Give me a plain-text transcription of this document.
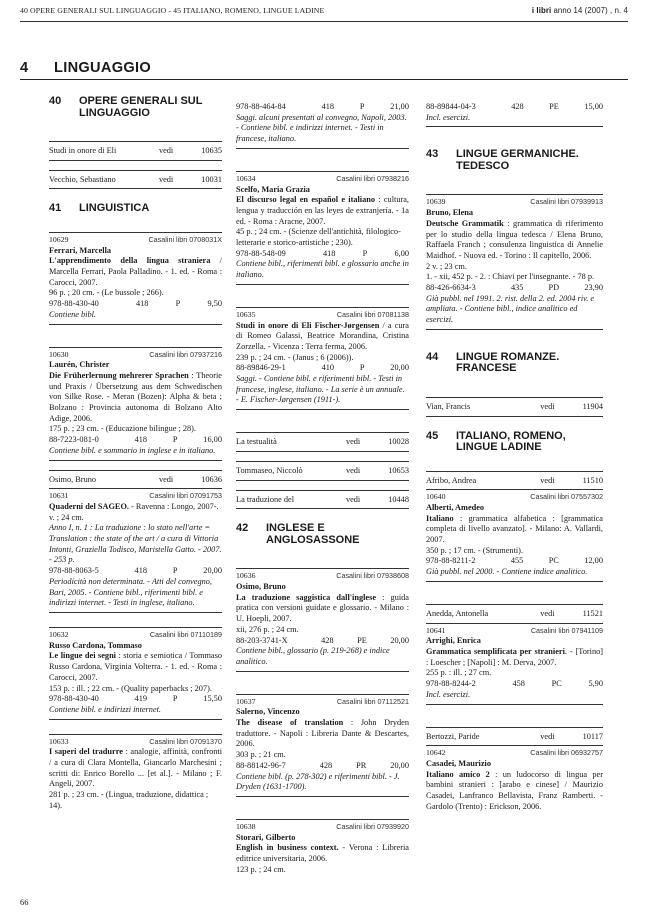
40 OPERE GENERALI SUL LINGUAGGIO - 45 ITALIANO, ROMENO, LINGUE LADINE	i libri anno 14 (2007) , n. 4
4 LINGUAGGIO
40	OPERE GENERALI SUL LINGUAGGIO
Studi in onore di Eli	vedi	10635
Vecchio, Sebastiano	vedi	10031
41	LINGUISTICA
10629	Casalini libri 0708031X
Ferrari, Marcella
L'apprendimento della lingua straniera / Marcella Ferrari, Paola Palladino. - 1. ed. - Roma : Carocci, 2007.
96 p. ; 20 cm. - (Le bussole ; 266).
978-88-430-40	418	P	9,50
Contiene bibl.
10630	Casalini libri 07937216
Laurén, Christer
Die Früherlernung mehrerer Sprachen : Theorie und Praxis / Übersetzung aus dem Schwedischen von Silke Rose. - Meran (Bozen): Alpha & beta ; Bolzano : Provincia autonoma di Bolzano Alto Adige, 2006.
175 p. ; 23 cm. - (Educazione bilingue ; 28).
88-7223-081-0	418	P	16,00
Contiene bibl. e sommario in inglese e in italiano.
Osimo, Bruno	vedi	10636
10631	Casalini libri 07091753
Quaderni del SAGEO. - Ravenna : Longo, 2007-.
v. ; 24 cm.
Anno I, n. 1 : La traduzione : lo stato nell'arte = Translation : the state of the art / a cura di Vittoria Intonti, Graziella Todisco, Maristella Gatto. - 2007. - 253 p.
978-88-8063-5	418	P	20,00
Periodicità non determinata. - Atti del convegno, Bari, 2005. - Contiene bibl., riferimenti bibl. e indirizzi internet. - Testi in inglese, italiano.
10632	Casalini libri 07110189
Russo Cardona, Tommaso
Le lingue dei segni : storia e semiotica / Tommaso Russo Cardona, Virginia Volterra. - 1. ed. - Roma : Carocci, 2007.
153 p. : ill. ; 22 cm. - (Quality paperbacks ; 207).
978-88-430-40	419	P	15,50
Contiene bibl. e indirizzi internet.
10633	Casalini libri 07091370
I saperi del tradurre : analogie, affinità, confronti / a cura di Clara Montella, Giancarlo Marchesini ; scritti di: Enrico Borello ... [et al.]. - Milano ; F. Angeli, 2007.
281 p. ; 23 cm. - (Lingua, traduzione, didattica ; 14).
978-88-464-84	418	P	21,00
Saggi. alcuni presentati al convegno, Napoli, 2003. - Contiene bibl. e indirizzi internet. - Testi in francese, italiano.
10634	Casalini libri 07938216
Scelfo, Maria Grazia
El discurso legal en español e italiano : cultura, lengua y traducción en las leyes de extranjería. - 1a ed. - Roma : Aracne, 2007.
45 p. ; 24 cm. - (Scienze dell'antichità, filologico-letterarie e storico-artistiche ; 230).
978-88-548-09	418	P	6,00
Contiene bibl., riferimenti bibl. e glossario anche in italiano.
10635	Casalini libri 07081138
Studi in onore di Eli Fischer-Jørgensen / a cura di Romeo Galassi, Beatrice Morandina, Cristina Zorzella. - Vicenza : Terra ferma, 2006.
239 p. ; 24 cm. - (Janus ; 6 (2006)).
88-89846-29-1	410	P	20,00
Saggi. - Contiene bibl. e riferimenti bibl. - Testi in francese, inglese, italiano. - La serie è un annuale. - E. Fischer-Jørgensen (1911-).
La testualità	vedi	10028
Tommaseo, Niccolò	vedi	10653
La traduzione del	vedi	10448
42	INGLESE E ANGLOSASSONE
10636	Casalini libri 07938608
Osimo, Bruno
La traduzione saggistica dall'inglese : guida pratica con versioni guidate e glossario. - Milano : U. Hoepli, 2007.
xii, 276 p. ; 24 cm.
88-203-3741-X	428	PE	20,00
Contiene bibl., glossario (p. 219-268) e indice analitico.
10637	Casalini libri 07112521
Salerno, Vincenzo
The disease of translation : John Dryden traduttore. - Napoli : Libreria Dante & Descartes, 2006.
303 p. ; 21 cm.
88-88142-96-7	428	PR	20,00
Contiene bibl. (p. 278-302) e riferimenti bibl. - J. Dryden (1631-1700).
10638	Casalini libri 07939920
Storari, Gilberto
English in business context. - Verona : Libreria editrice universitaria, 2006.
123 p. ; 24 cm.
88-89844-04-3	428	PE	15,00
Incl. esercizi.
43	LINGUE GERMANICHE. TEDESCO
10639	Casalini libri 07939913
Bruno, Elena
Deutsche Grammatik : grammatica di riferimento per lo studio della lingua tedesca / Elena Bruno, Raffaela Franch ; consulenza linguistica di Annelie Maidhof. - Nuova ed. - Torino : Il capitello, 2006.
2 v. ; 23 cm.
1. - xii, 452 p. - 2. : Chiavi per l'insegnante. - 78 p.
88-426-6634-3	435	PD	23,90
Già pubbl. nel 1991. 2. rist. della 2. ed. 2004 riv. e ampliata. - Contiene bibl., indice analitico ed esercizi.
44	LINGUE ROMANZE. FRANCESE
Vian, Francis	vedi	11904
45	ITALIANO, ROMENO, LINGUE LADINE
Afribo, Andrea	vedi	11510
10640	Casalini libri 07557302
Alberti, Amedeo
Italiano : grammatica alfabetica : [grammatica completa di livello avanzato]. - Milano: A. Vallardi, 2007.
350 p. ; 17 cm. - (Strumenti).
978-88-8211-2	455	PC	12,00
Già pubbl. nel 2000. - Contiene indice analitico.
Anedda, Antonella	vedi	11521
10641	Casalini libri 07941109
Arrighi, Enrica
Grammatica semplificata per stranieri. - [Torino] : Loescher ; [Napoli] : M. Derva, 2007.
255 p. : ill. ; 27 cm.
978-88-8244-2	458	PC	5,90
Incl. esercizi.
Bertozzi, Paride	vedi	10117
10642	Casalini libri 06932757
Casadei, Maurizio
Italiano amico 2 : un ludocorso di lingua per bambini stranieri : [arabo e cinese] / Maurizio Casadei, Lanfranco Bellavista, Franz Ramberti. - Gardolo (Trento) : Erickson, 2006.
66
